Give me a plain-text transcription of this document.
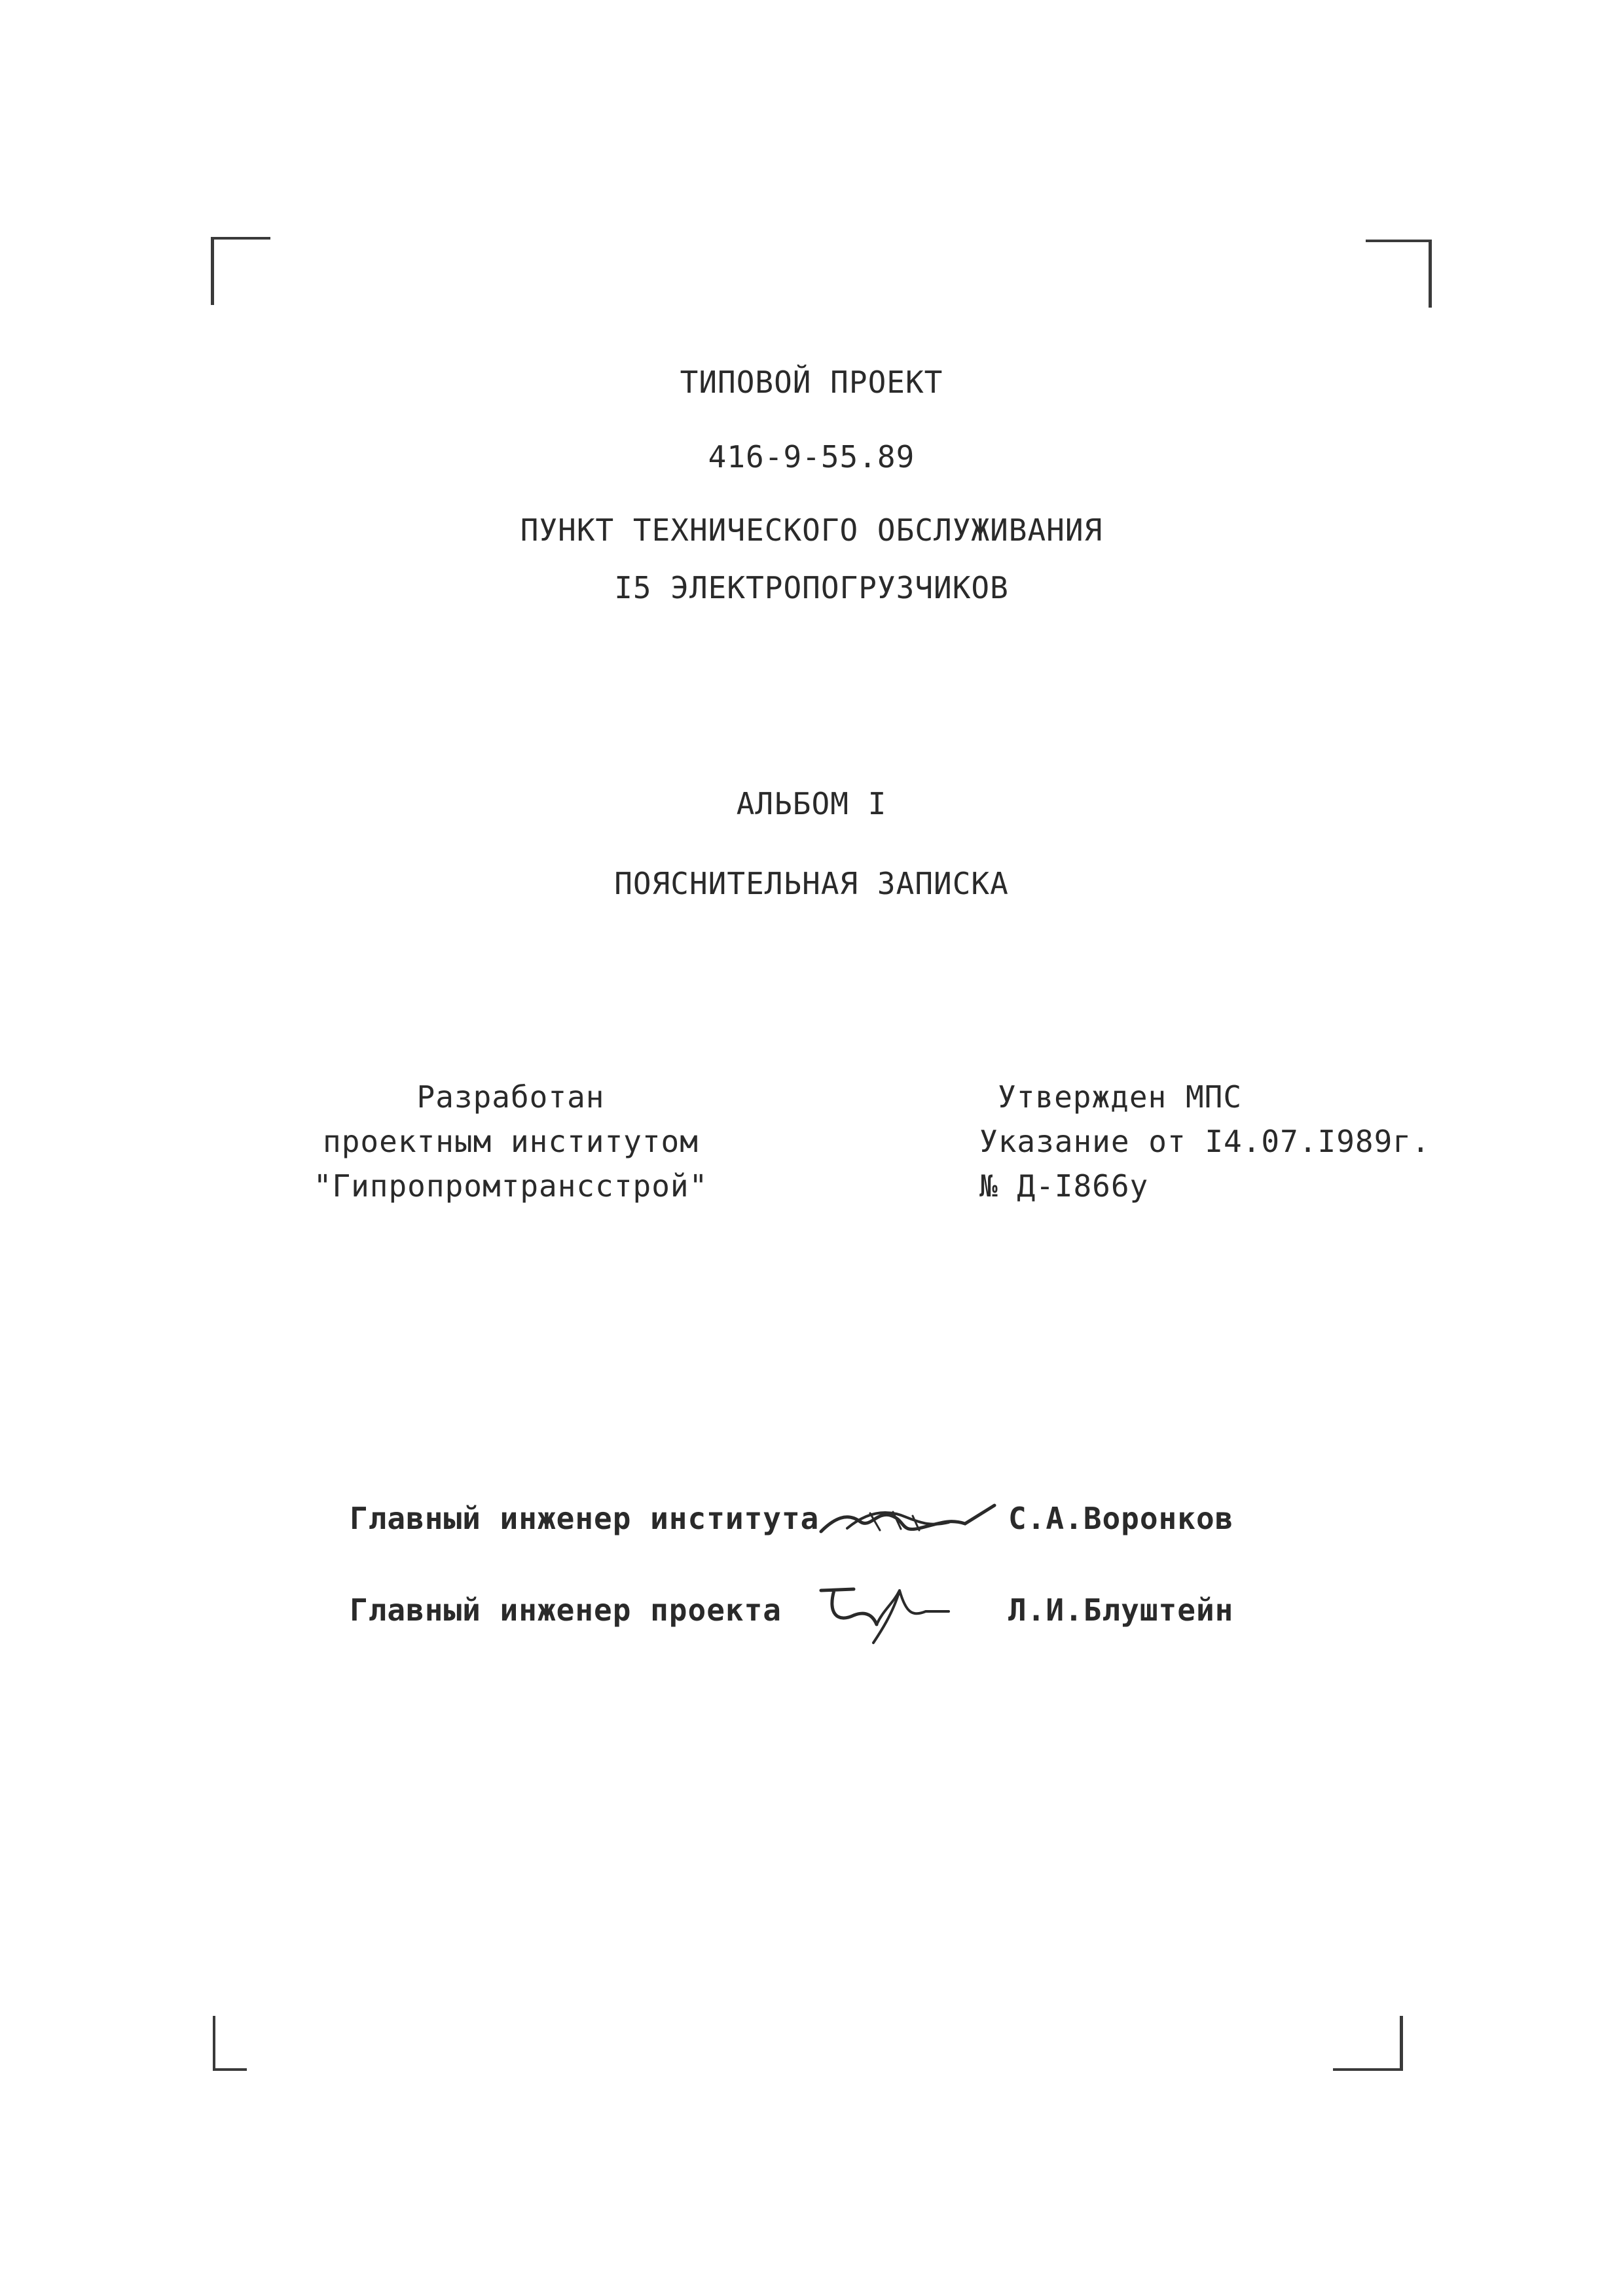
ТИПОВОЙ ПРОЕКТ
416-9-55.89
ПУНКТ ТЕХНИЧЕСКОГО ОБСЛУЖИВАНИЯ
I5 ЭЛЕКТРОПОГРУЗЧИКОВ
АЛЬБОМ I
ПОЯСНИТЕЛЬНАЯ ЗАПИСКА
Разработан
проектным институтом
"Гипропромтрансстрой"
Утвержден МПС
Указание от I4.07.I989г.
№ Д-I866у
Главный инженер института	С.А.Воронков
Главный инженер проекта	Л.И.Блуштейн
